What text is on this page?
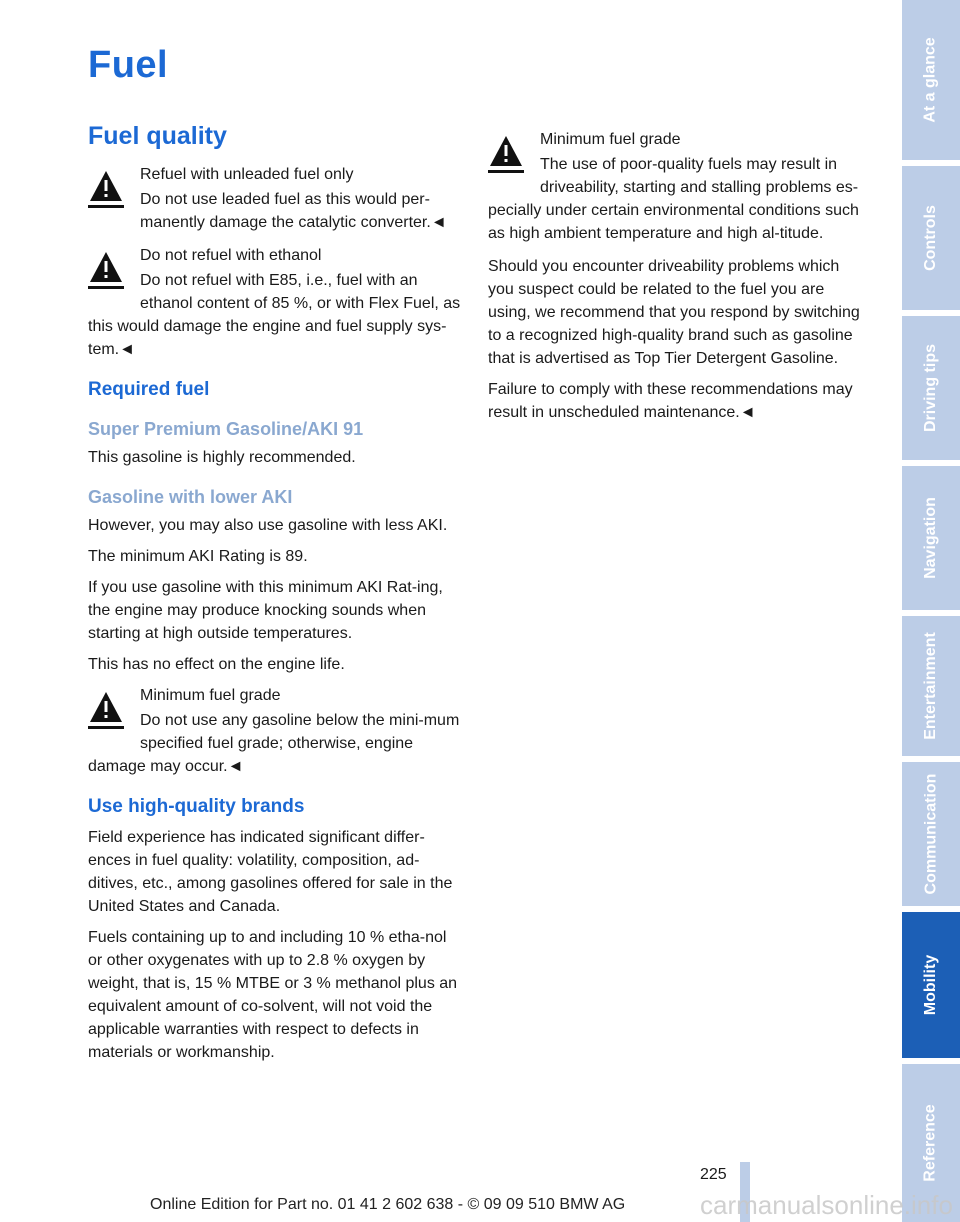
Fuel
Fuel quality
Refuel with unleaded fuel only
Do not use leaded fuel as this would per-manently damage the catalytic converter.◄
Do not refuel with ethanol
Do not refuel with E85, i.e., fuel with an ethanol content of 85 %, or with Flex Fuel, as this would damage the engine and fuel supply sys-tem.◄
Required fuel
Super Premium Gasoline/AKI 91

This gasoline is highly recommended.

Gasoline with lower AKI

However, you may also use gasoline with less AKI.

The minimum AKI Rating is 89.

If you use gasoline with this minimum AKI Rat-ing, the engine may produce knocking sounds when starting at high outside temperatures.

This has no effect on the engine life.

Minimum fuel grade
Do not use any gasoline below the mini-mum specified fuel grade; otherwise, engine damage may occur.◄
Use high-quality brands

Field experience has indicated significant differ-ences in fuel quality: volatility, composition, ad-ditives, etc., among gasolines offered for sale in the United States and Canada.

Fuels containing up to and including 10 % etha-nol or other oxygenates with up to 2.8 % oxygen by weight, that is, 15 % MTBE or 3 % methanol plus an equivalent amount of co-solvent, will not void the applicable warranties with respect to defects in materials or workmanship.

Minimum fuel grade
The use of poor-quality fuels may result in driveability, starting and stalling problems es-pecially under certain environmental conditions such as high ambient temperature and high al-titude.

Should you encounter driveability problems which you suspect could be related to the fuel you are using, we recommend that you respond by switching to a recognized high-quality brand such as gasoline that is advertised as Top Tier Detergent Gasoline.

Failure to comply with these recommendations may result in unscheduled maintenance.◄

At a glance
Controls
Driving tips
Navigation
Entertainment
Communication
Mobility
Reference
225
Online Edition for Part no. 01 41 2 602 638 - © 09 09 510 BMW AG	carmanualsonline.info
